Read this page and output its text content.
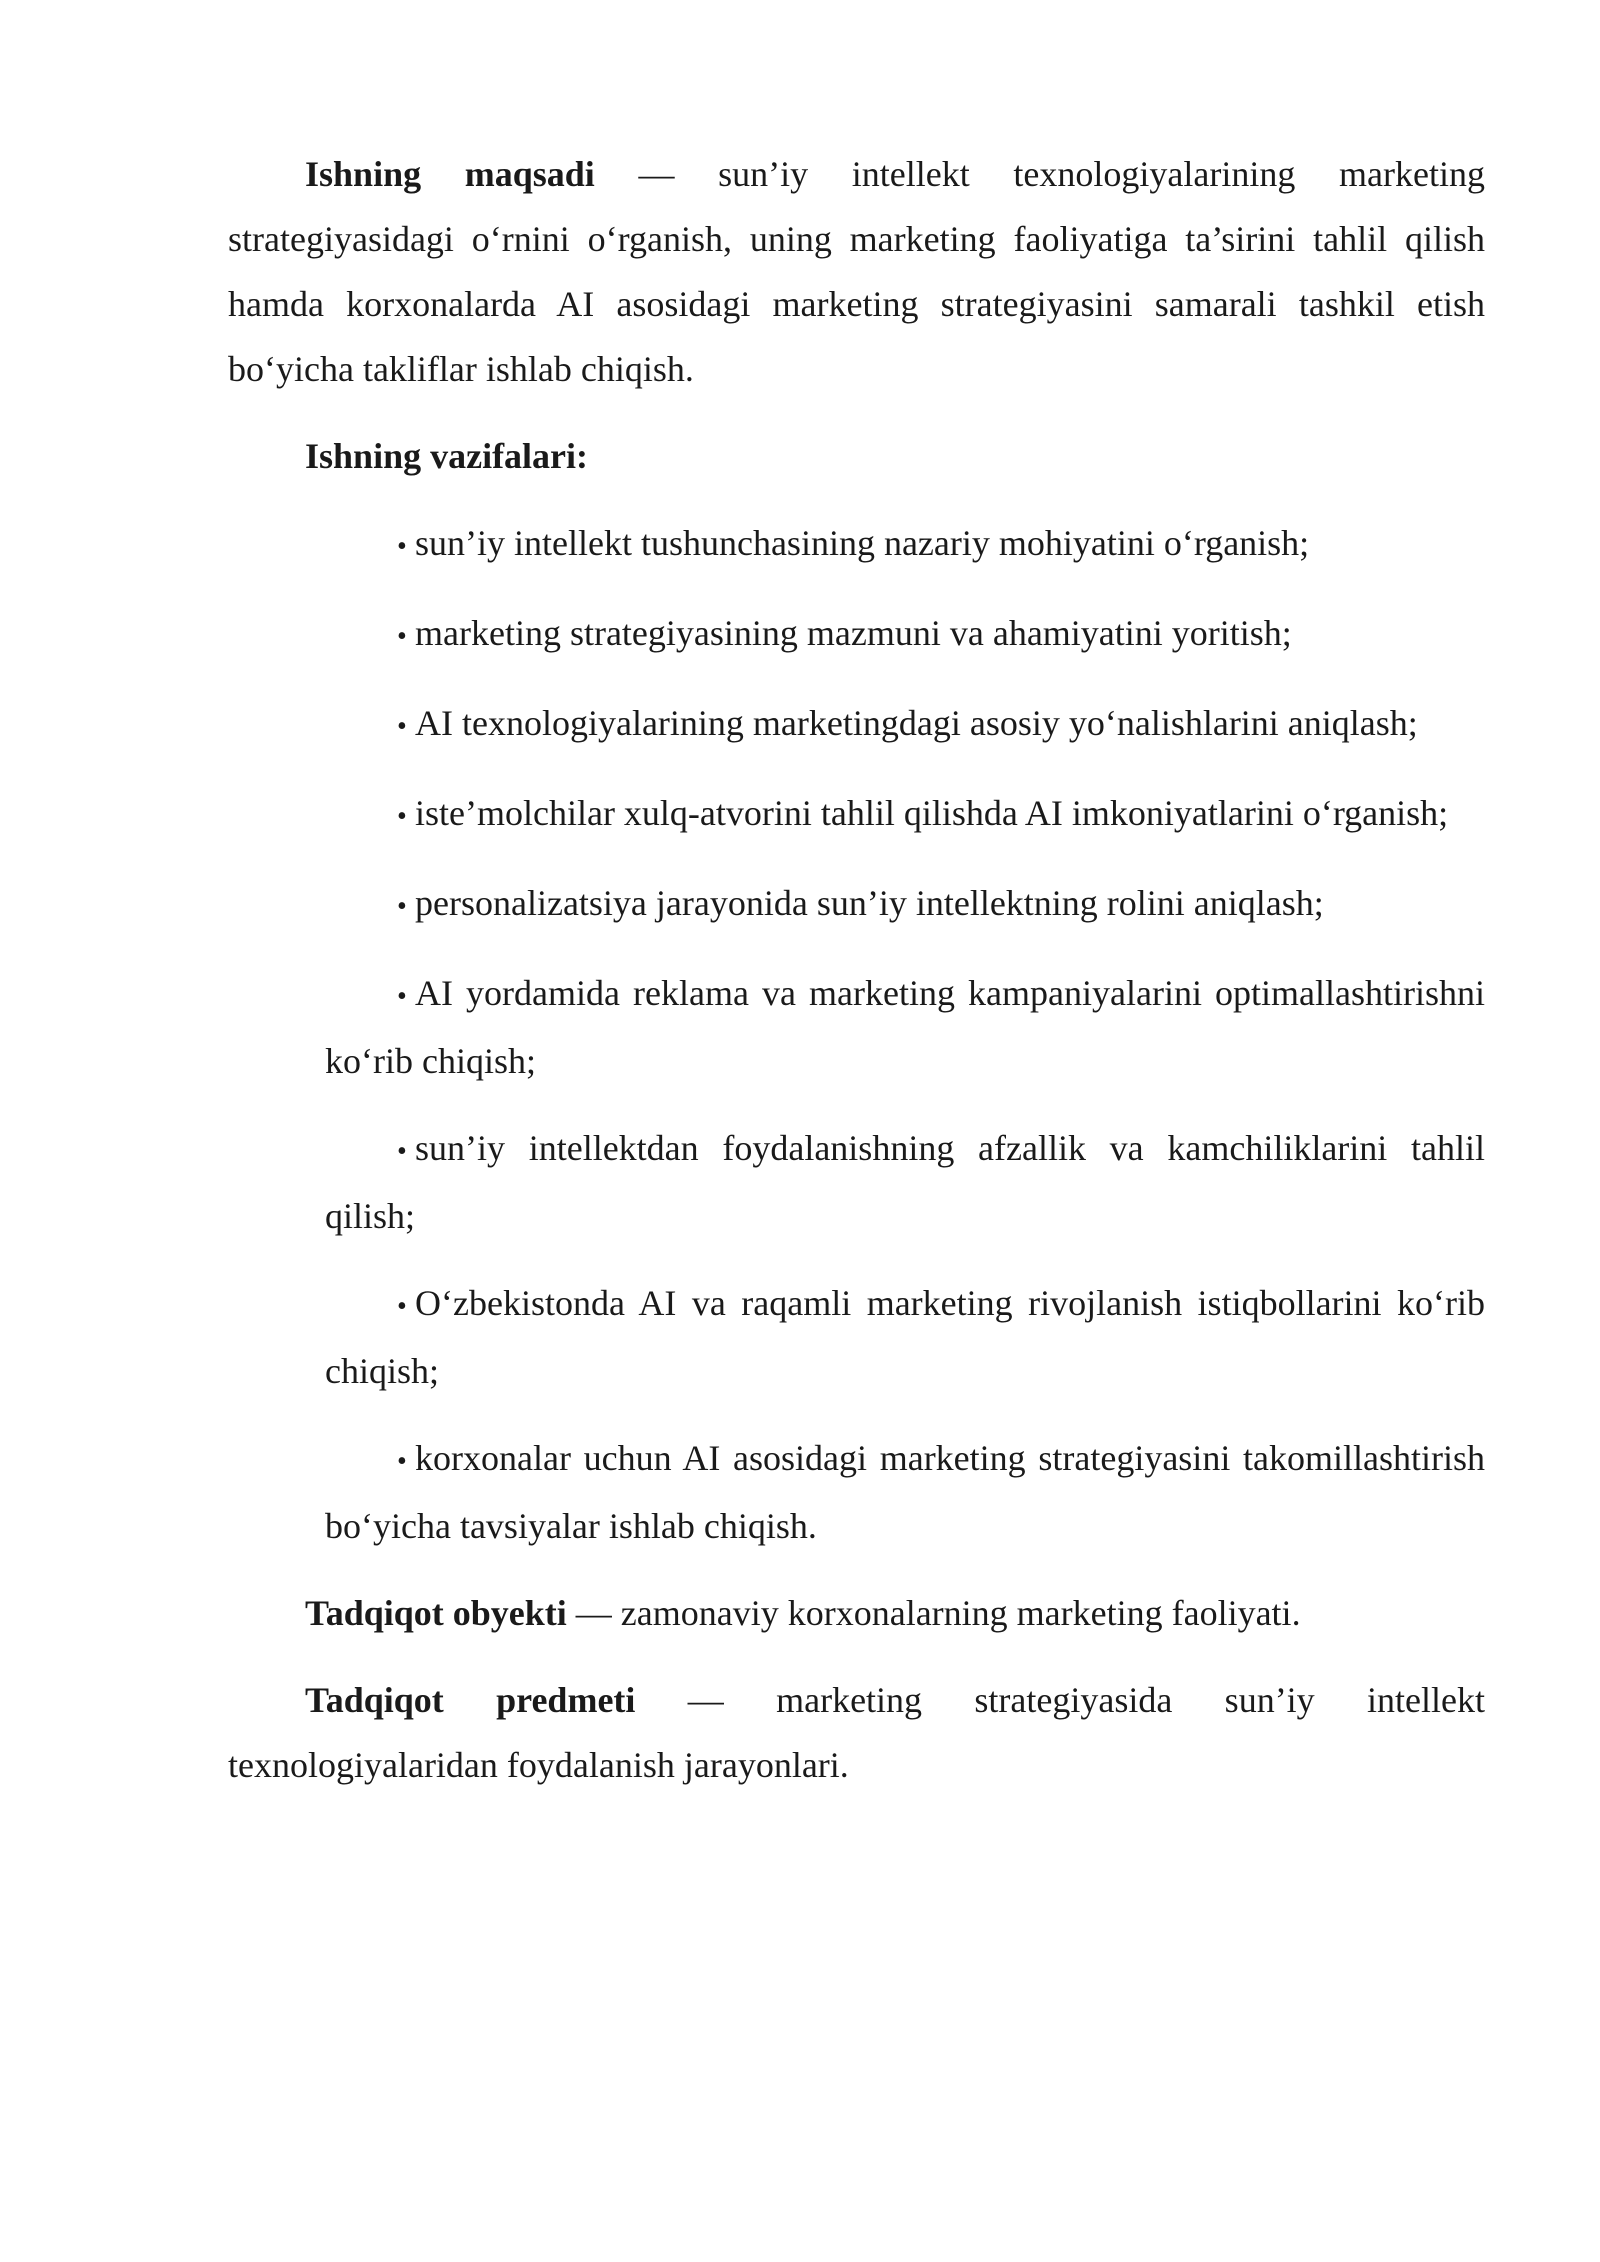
Ishning maqsadi — sun’iy intellekt texnologiyalarining marketing strategiyasidagi o‘rnini o‘rganish, uning marketing faoliyatiga ta’sirini tahlil qilish hamda korxonalarda AI asosidagi marketing strategiyasini samarali tashkil etish bo‘yicha takliflar ishlab chiqish.

Ishning vazifalari:

• sun’iy intellekt tushunchasining nazariy mohiyatini o‘rganish;
• marketing strategiyasining mazmuni va ahamiyatini yoritish;
• AI texnologiyalarining marketingdagi asosiy yo‘nalishlarini aniqlash;
• iste’molchilar xulq-atvorini tahlil qilishda AI imkoniyatlarini o‘rganish;
• personalizatsiya jarayonida sun’iy intellektning rolini aniqlash;
• AI yordamida reklama va marketing kampaniyalarini optimallashtirishni ko‘rib chiqish;
• sun’iy intellektdan foydalanishning afzallik va kamchiliklarini tahlil qilish;
• O‘zbekistonda AI va raqamli marketing rivojlanish istiqbollarini ko‘rib chiqish;
• korxonalar uchun AI asosidagi marketing strategiyasini takomillashtirish bo‘yicha tavsiyalar ishlab chiqish.

Tadqiqot obyekti — zamonaviy korxonalarning marketing faoliyati.

Tadqiqot predmeti — marketing strategiyasida sun’iy intellekt texnologiyalaridan foydalanish jarayonlari.
